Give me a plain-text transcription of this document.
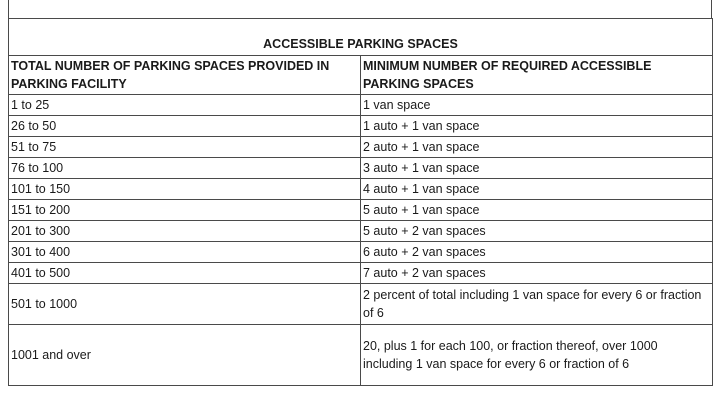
ACCESSIBLE PARKING SPACES	
TOTAL NUMBER OF PARKING SPACES PROVIDED IN PARKING FACILITY	MINIMUM NUMBER OF REQUIRED ACCESSIBLE PARKING SPACES
1 to 25	1 van space
26 to 50	1 auto + 1 van space
51 to 75	2 auto + 1 van space
76 to 100	3 auto + 1 van space
101 to 150	4 auto + 1 van space
151 to 200	5 auto + 1 van space
201 to 300	5 auto + 2 van spaces
301 to 400	6 auto + 2 van spaces
401 to 500	7 auto + 2 van spaces
501 to 1000	2 percent of total including 1 van space for every 6 or fraction of 6
1001 and over	20, plus 1 for each 100, or fraction thereof, over 1000 including 1 van space for every 6 or fraction of 6
